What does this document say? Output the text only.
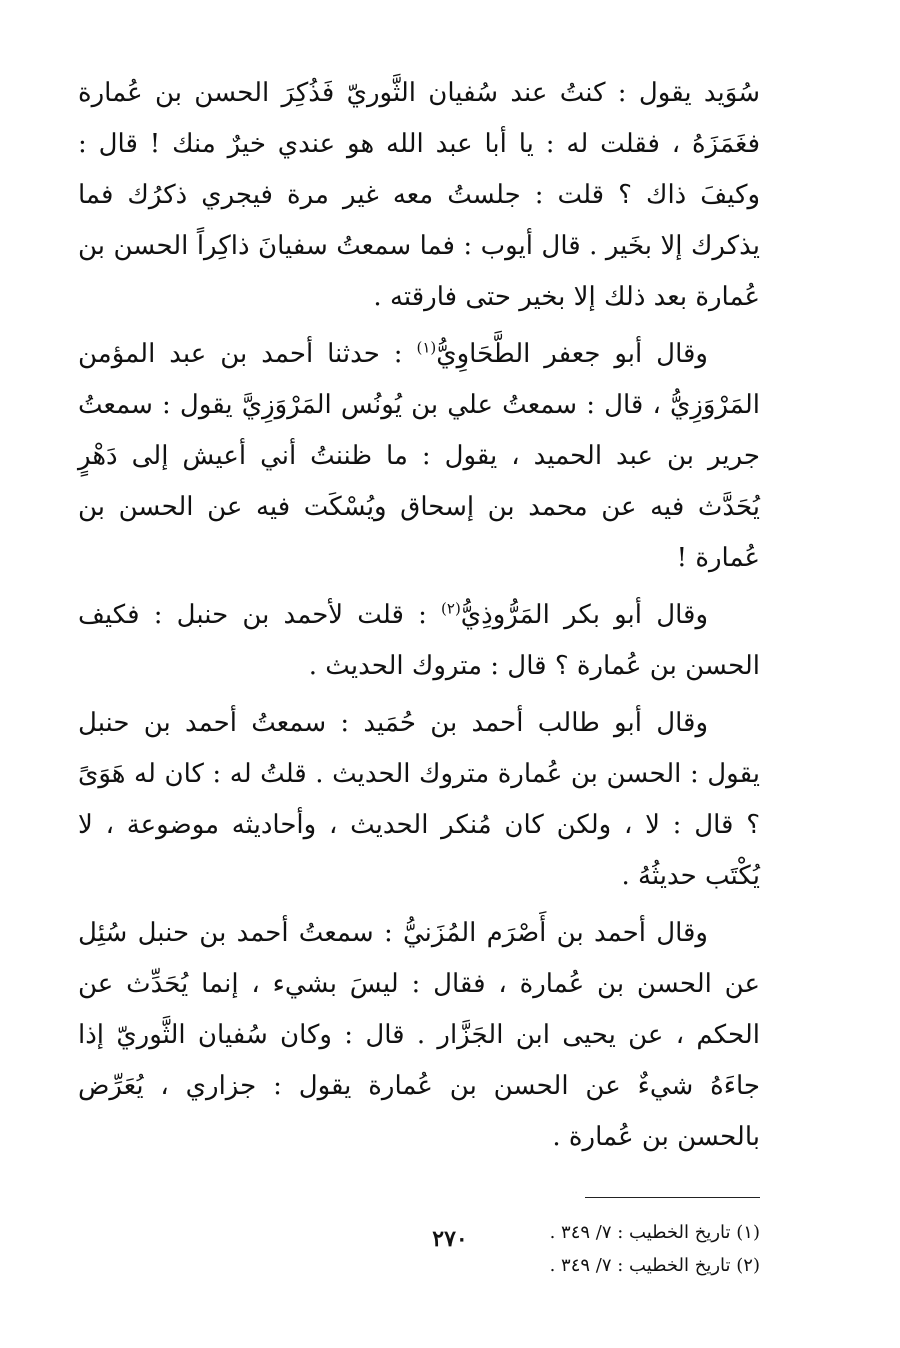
سُوَيد يقول : كنتُ عند سُفيان الثَّوريّ فَذُكِرَ الحسن بن عُمارة فغَمَزَهُ ، فقلت له : يا أبا عبد الله هو عندي خيرٌ منك ! قال : وكيفَ ذاك ؟ قلت : جلستُ معه غير مرة فيجري ذكرُك فما يذكرك إلا بخَير . قال أيوب : فما سمعتُ سفيانَ ذاكِراً الحسن بن عُمارة بعد ذلك إلا بخير حتى فارقته .

وقال أبو جعفر الطَّحَاوِيُّ$^{(١)}$ : حدثنا أحمد بن عبد المؤمن المَرْوَزِيُّ ، قال : سمعتُ علي بن يُونُس المَرْوَزِيَّ يقول : سمعتُ جرير بن عبد الحميد ، يقول : ما ظننتُ أني أعيش إلى دَهْرٍ يُحَدَّث فيه عن محمد بن إسحاق ويُسْكَت فيه عن الحسن بن عُمارة !

وقال أبو بكر المَرُّوذِيُّ$^{(٢)}$ : قلت لأحمد بن حنبل : فكيف الحسن بن عُمارة ؟ قال : متروك الحديث .

وقال أبو طالب أحمد بن حُمَيد : سمعتُ أحمد بن حنبل يقول : الحسن بن عُمارة متروك الحديث . قلتُ له : كان له هَوَىً ؟ قال : لا ، ولكن كان مُنكر الحديث ، وأحاديثه موضوعة ، لا يُكْتَب حديثُهُ .

وقال أحمد بن أَصْرَم المُزَنيُّ : سمعتُ أحمد بن حنبل سُئِل عن الحسن بن عُمارة ، فقال : ليسَ بشيء ، إنما يُحَدِّث عن الحكم ، عن يحيى ابن الجَزَّار . قال : وكان سُفيان الثَّوريّ إذا جاءَهُ شيءٌ عن الحسن بن عُمارة يقول : جزاري ، يُعَرِّض بالحسن بن عُمارة .

(١) تاريخ الخطيب : ٧/ ٣٤٩ .
(٢) تاريخ الخطيب : ٧/ ٣٤٩ .
٢٧٠
